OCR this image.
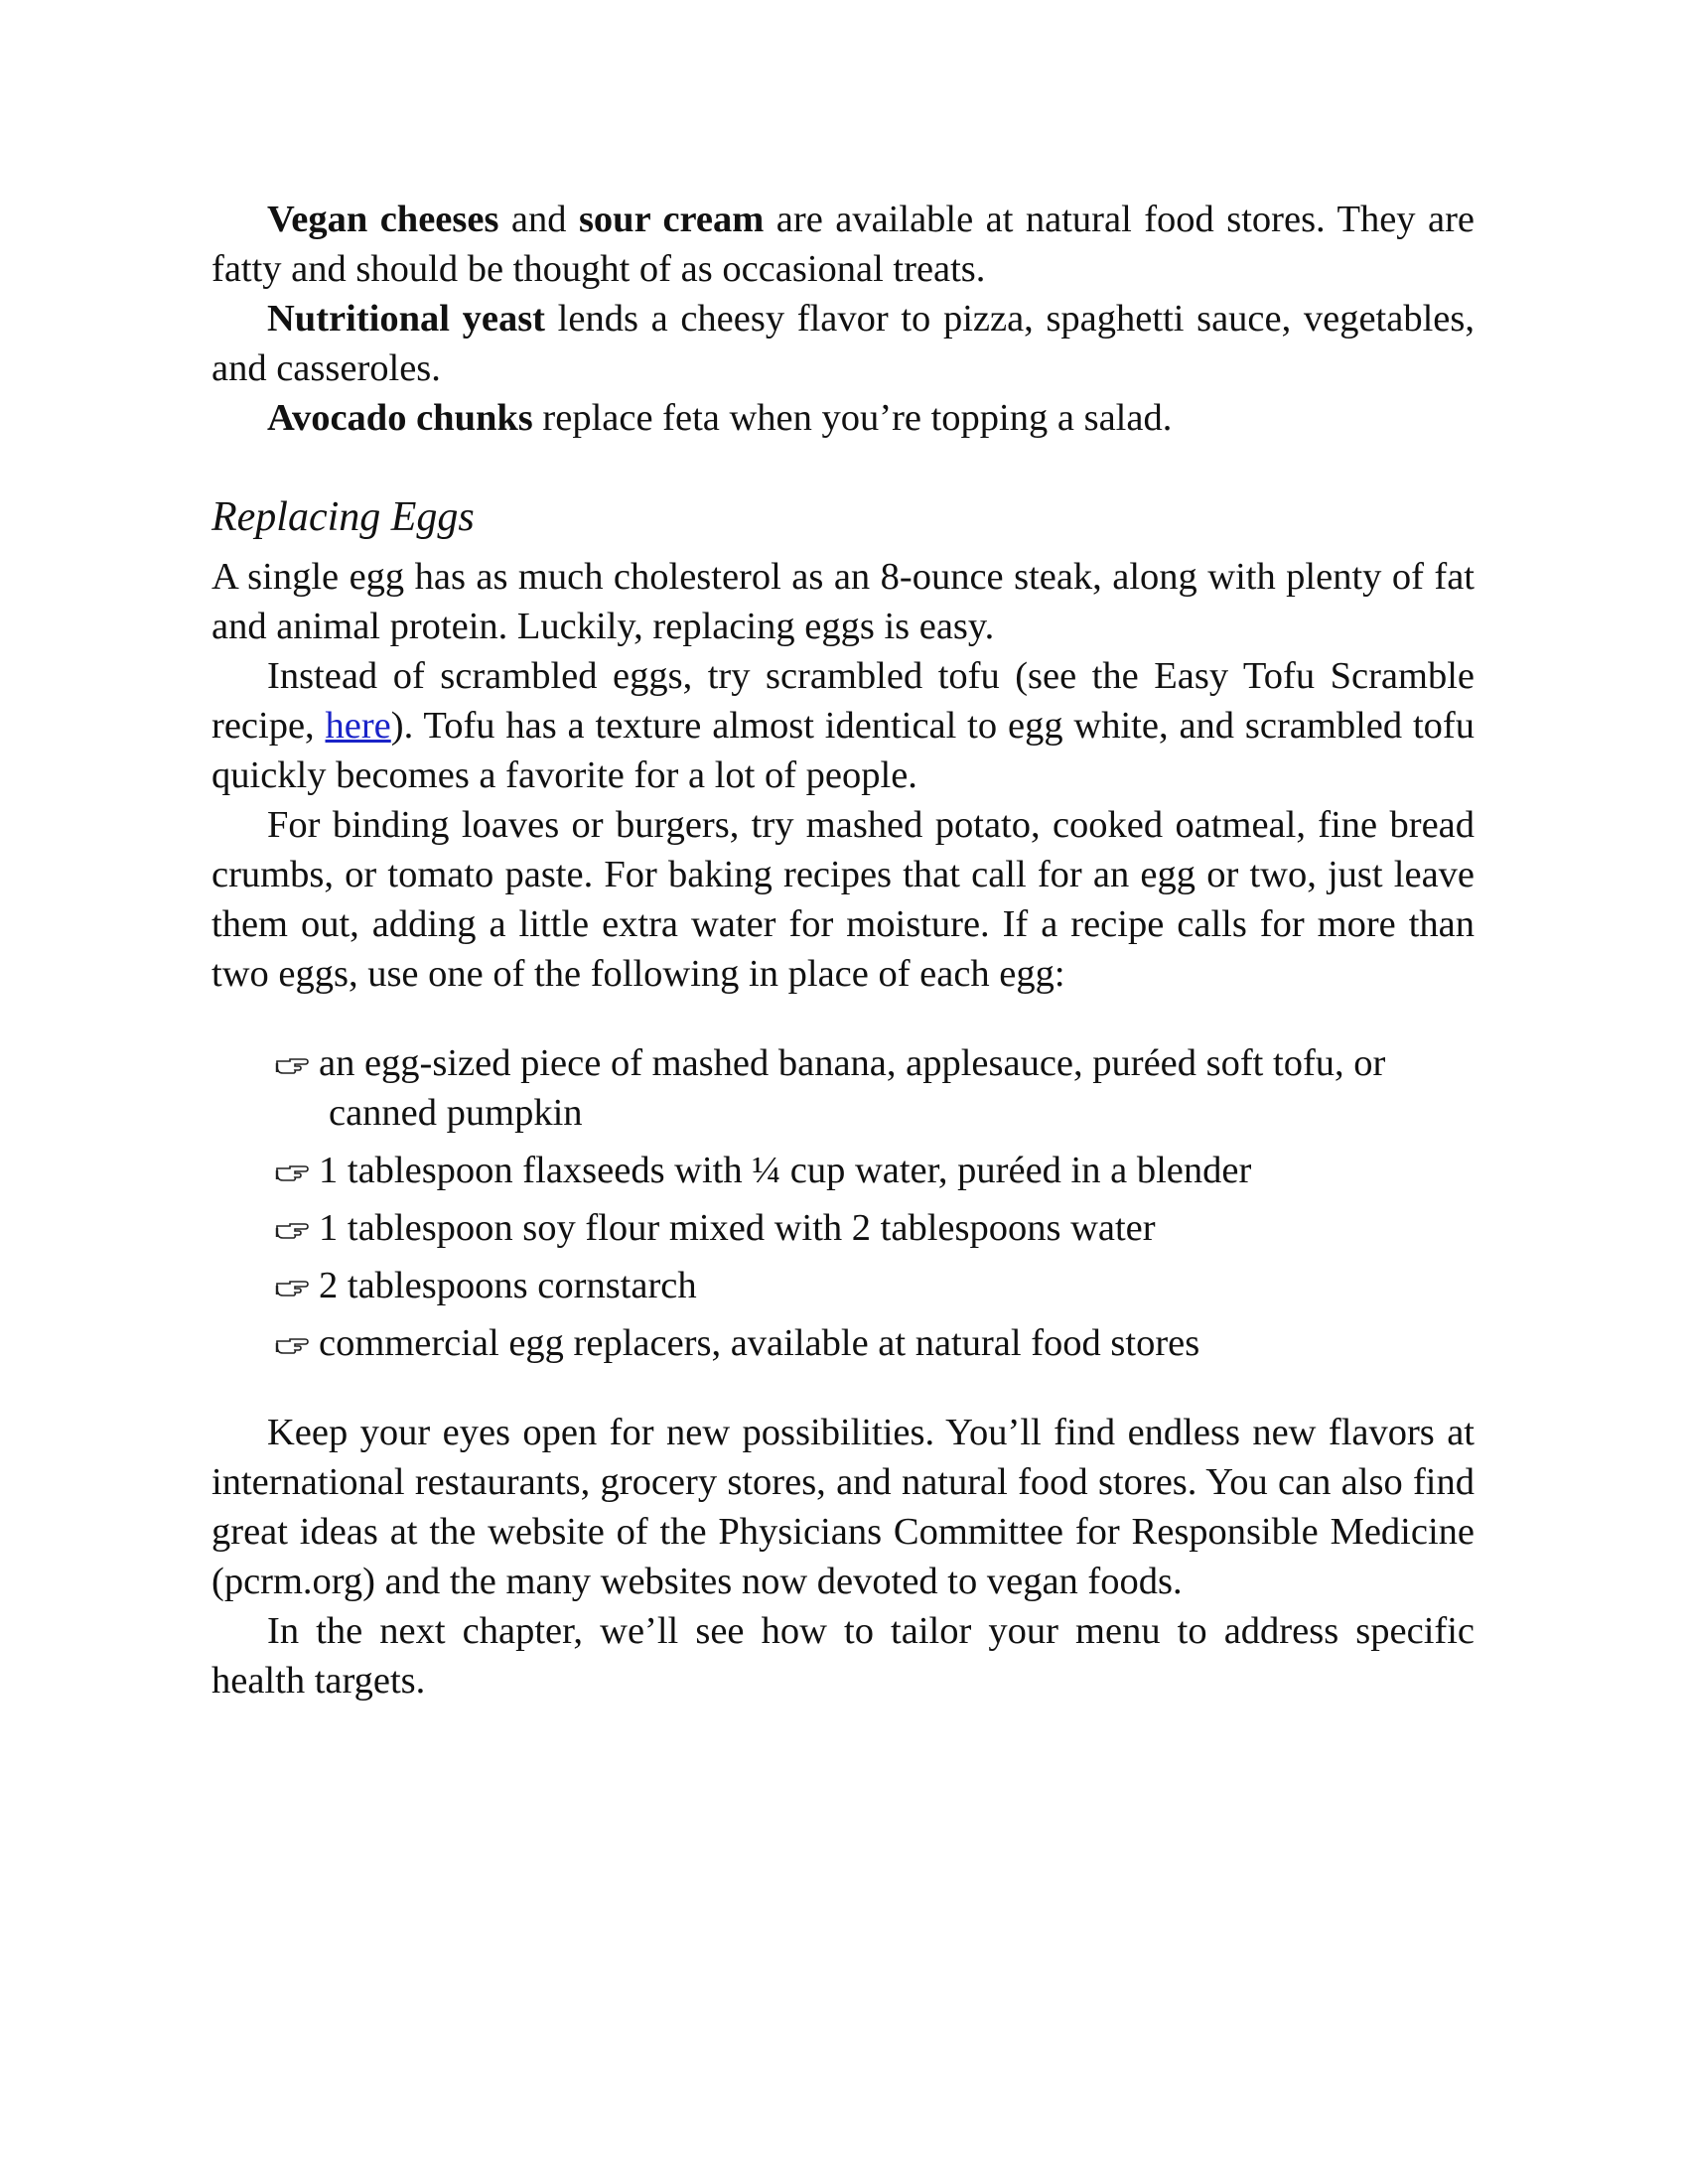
Vegan cheeses and sour cream are available at natural food stores. They are fatty and should be thought of as occasional treats.

Nutritional yeast lends a cheesy flavor to pizza, spaghetti sauce, vegetables, and casseroles.

Avocado chunks replace feta when you’re topping a salad.

Replacing Eggs

A single egg has as much cholesterol as an 8-ounce steak, along with plenty of fat and animal protein. Luckily, replacing eggs is easy.

Instead of scrambled eggs, try scrambled tofu (see the Easy Tofu Scramble recipe, here). Tofu has a texture almost identical to egg white, and scrambled tofu quickly becomes a favorite for a lot of people.

For binding loaves or burgers, try mashed potato, cooked oatmeal, fine bread crumbs, or tomato paste. For baking recipes that call for an egg or two, just leave them out, adding a little extra water for moisture. If a recipe calls for more than two eggs, use one of the following in place of each egg:

an egg-sized piece of mashed banana, applesauce, puréed soft tofu, or canned pumpkin
1 tablespoon flaxseeds with ¼ cup water, puréed in a blender
1 tablespoon soy flour mixed with 2 tablespoons water
2 tablespoons cornstarch
commercial egg replacers, available at natural food stores

Keep your eyes open for new possibilities. You’ll find endless new flavors at international restaurants, grocery stores, and natural food stores. You can also find great ideas at the website of the Physicians Committee for Responsible Medicine (pcrm.org) and the many websites now devoted to vegan foods.

In the next chapter, we’ll see how to tailor your menu to address specific health targets.
